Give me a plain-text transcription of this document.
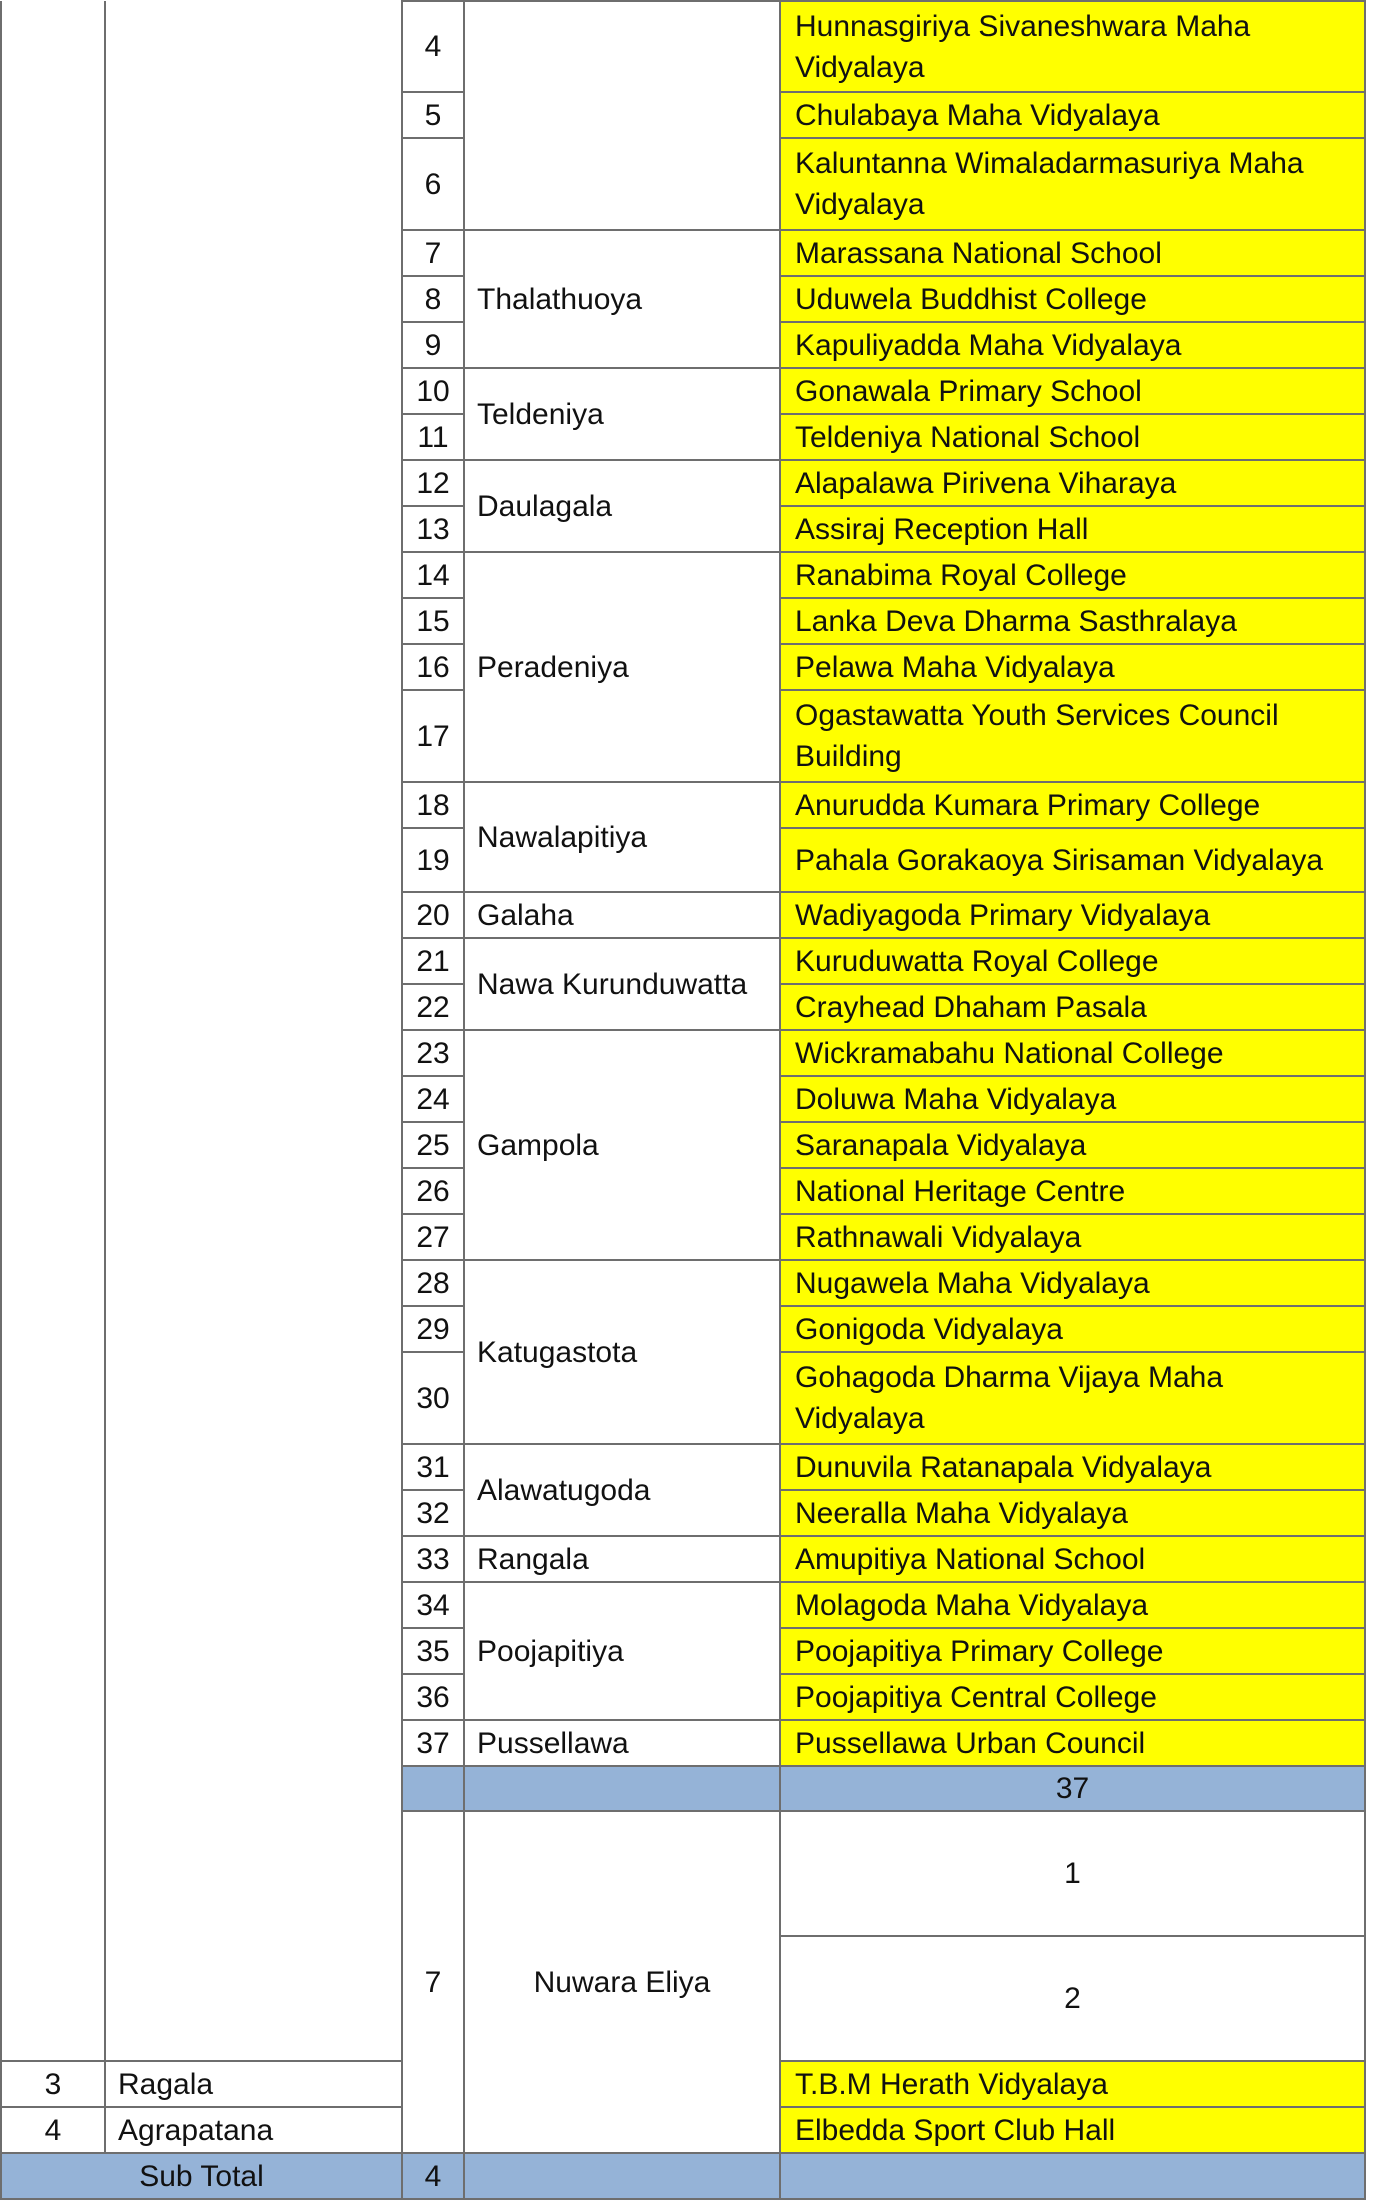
		4		Hunnasgiriya Sivaneshwara Maha Vidyalaya	
		5		Chulabaya Maha Vidyalaya	
		6		Kaluntanna Wimaladarmasuriya Maha Vidyalaya	
		7	Thalathuoya	Marassana National School	
		8		Uduwela Buddhist College	
		9		Kapuliyadda Maha Vidyalaya	
		10	Teldeniya	Gonawala Primary School	
		11		Teldeniya National School	
		12	Daulagala	Alapalawa Pirivena Viharaya	
		13		Assiraj Reception Hall	
		14	Peradeniya	Ranabima Royal College	
		15		Lanka Deva Dharma Sasthralaya	
		16		Pelawa Maha Vidyalaya	
		17		Ogastawatta Youth Services Council Building	
		18	Nawalapitiya	Anurudda Kumara Primary College	
		19		Pahala Gorakaoya Sirisaman Vidyalaya	
		20	Galaha	Wadiyagoda Primary Vidyalaya	
		21	Nawa Kurunduwatta	Kuruduwatta Royal College	
		22		Crayhead Dhaham Pasala	
		23	Gampola	Wickramabahu National College	
		24		Doluwa Maha Vidyalaya	
		25		Saranapala Vidyalaya	
		26		National Heritage Centre	
		27		Rathnawali Vidyalaya	
		28	Katugastota	Nugawela Maha Vidyalaya	
		29		Gonigoda Vidyalaya	
		30		Gohagoda Dharma Vijaya Maha Vidyalaya	
		31	Alawatugoda	Dunuvila Ratanapala Vidyalaya	
		32		Neeralla Maha Vidyalaya	
		33	Rangala	Amupitiya National School	
		34	Poojapitiya	Molagoda Maha Vidyalaya	
		35		Poojapitiya Primary College	
		36		Poojapitiya Central College	
		37	Pussellawa	Pussellawa Urban Council	
				37		
		7	Nuwara Eliya	1		
				2		
3	Ragala			T.B.M Herath Vidyalaya	
4	Agrapatana			Elbedda Sport Club Hall	
Sub Total		4			
